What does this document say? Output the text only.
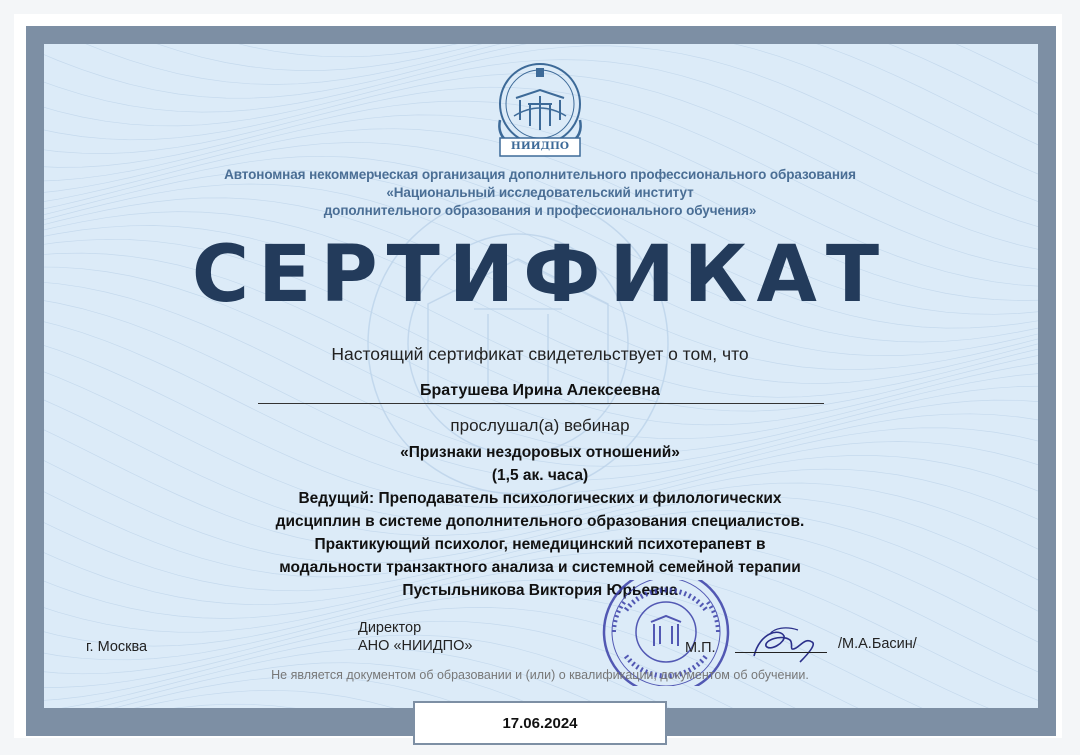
НИИДПО
Автономная некоммерческая организация дополнительного профессионального образования
«Национальный исследовательский институт
дополнительного образования и профессионального обучения»
СЕРТИФИКАТ
Настоящий сертификат свидетельствует о том, что
Братушева Ирина Алексеевна
прослушал(а) вебинар
«Признаки нездоровых отношений»
(1,5 ак. часа)
Ведущий: Преподаватель психологических и филологических
дисциплин в системе дополнительного образования специалистов.
Практикующий психолог, немедицинский психотерапевт в
модальности транзактного анализа и системной семейной терапии
Пустыльникова Виктория Юрьевна
г. Москва
Директор
АНО «НИИДПО»	М.П.	/М.А.Басин/
Не является документом об образовании и (или) о квалификации, документом об обучении.
17.06.2024
